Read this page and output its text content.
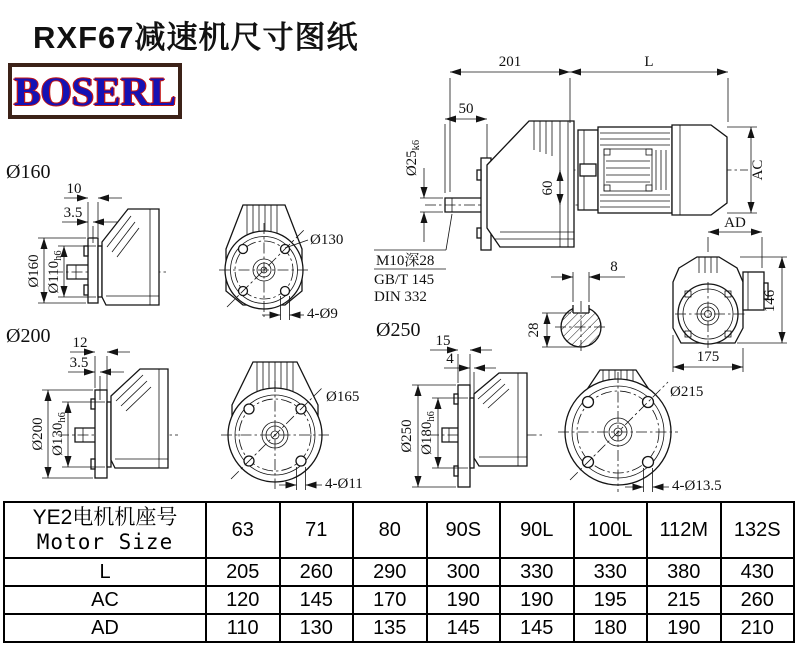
RXF67减速机尺寸图纸
BOSERL
201	L
50
$Ø25_{k6}$
60
AC
M10深28
GB/T 145
DIN 332
8
28
AD
146
175
Ø160
10
3.5
Ø160 $Ø110_{h6}$
Ø130
4-Ø9
Ø200 12
3.5
Ø200 $Ø130_{h6}$
Ø165
4-Ø11
Ø250 15
4
Ø250 $Ø180_{h6}$
Ø215
4-Ø13.5
YE2电机机座号
Motor Size
63	71	80	90S	90L	100L	112M	132S
L	205	260	290	300	330	330	380	430
AC	120	145	170	190	190	195	215	260
AD	110	130	135	145	145	180	190	210
